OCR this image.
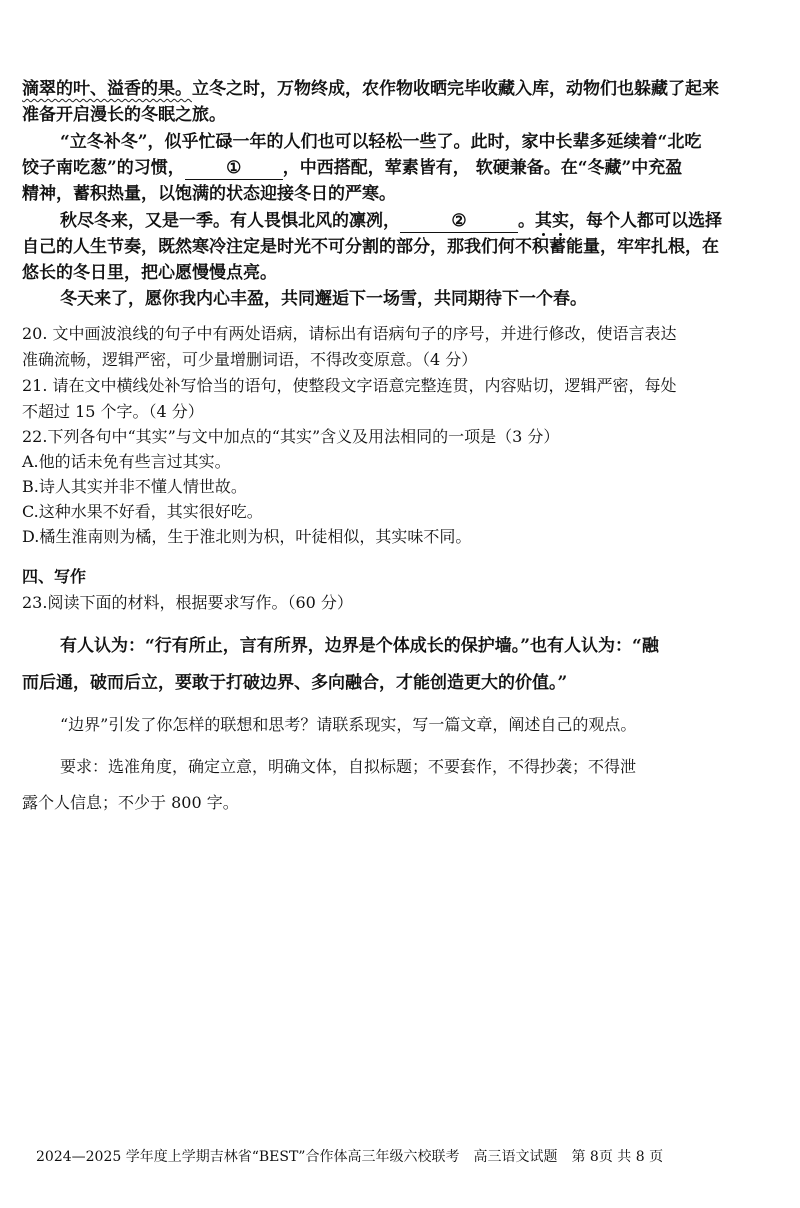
滴翠的叶、溢香的果。立冬之时，万物终成，农作物收晒完毕收藏入库，动物们也躲藏了起来
准备开启漫长的冬眠之旅。
“立冬补冬”，似乎忙碌一年的人们也可以轻松一些了。此时，家中长辈多延续着“北吃
饺子南吃葱”的习惯， ① ，中西搭配，荤素皆有， 软硬兼备。在“冬藏”中充盈
精神，蓄积热量，以饱满的状态迎接冬日的严寒。
秋尽冬来，又是一季。有人畏惧北风的凛冽，	②	。其实，每个人都可以选择
自己的人生节奏，既然寒冷注定是时光不可分割的部分，那我们何不积蓄能量，牢牢扎根，在
悠长的冬日里，把心愿慢慢点亮。
冬天来了，愿你我内心丰盈，共同邂逅下一场雪，共同期待下一个春。
20. 文中画波浪线的句子中有两处语病，请标出有语病句子的序号，并进行修改，使语言表达
准确流畅，逻辑严密，可少量增删词语，不得改变原意。（4 分）
21. 请在文中横线处补写恰当的语句，使整段文字语意完整连贯，内容贴切，逻辑严密，每处
不超过 15 个字。（4 分）
22.下列各句中“其实”与文中加点的“其实”含义及用法相同的一项是（3 分）
A.他的话未免有些言过其实。
B.诗人其实并非不懂人情世故。
C.这种水果不好看，其实很好吃。
D.橘生淮南则为橘，生于淮北则为枳，叶徒相似，其实味不同。
四、写作
23.阅读下面的材料，根据要求写作。（60 分）
有人认为：“行有所止，言有所界，边界是个体成长的保护墙。”也有人认为：“融
而后通，破而后立，要敢于打破边界、多向融合，才能创造更大的价值。”
“边界”引发了你怎样的联想和思考？请联系现实，写一篇文章，阐述自己的观点。
要求：选准角度，确定立意，明确文体，自拟标题；不要套作，不得抄袭；不得泄
露个人信息；不少于 800 字。
2024—2025 学年度上学期吉林省“BEST”合作体高三年级六校联考 高三语文试题 第 8页 共 8 页
